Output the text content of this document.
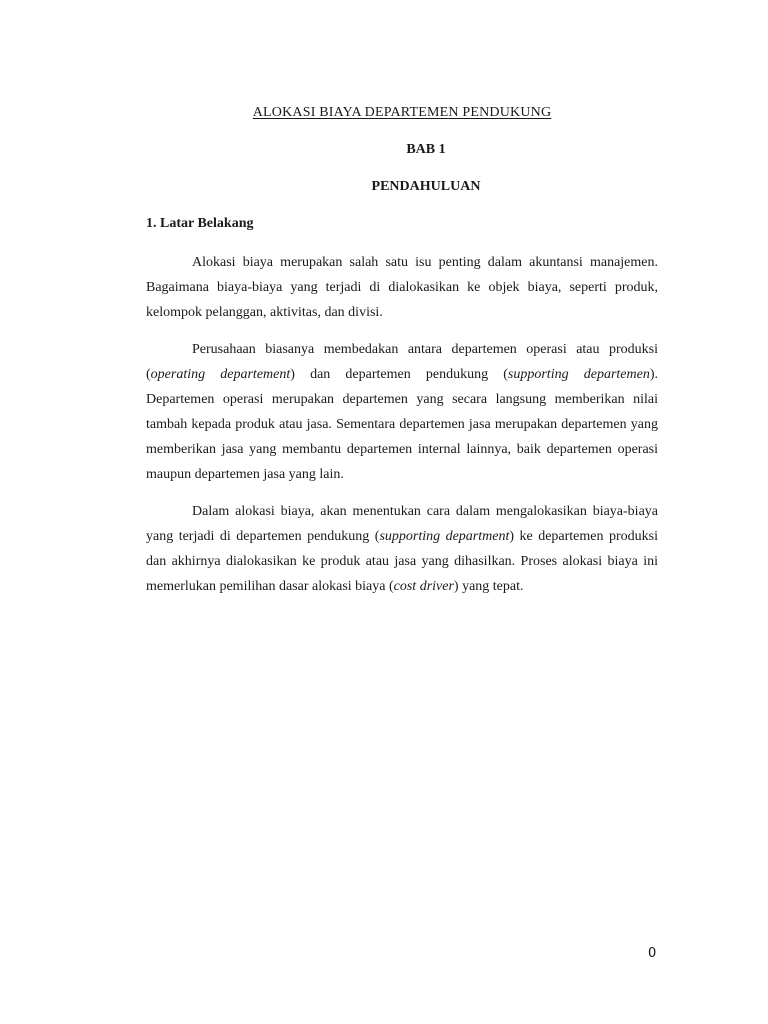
ALOKASI BIAYA DEPARTEMEN PENDUKUNG
BAB 1
PENDAHULUAN
1. Latar Belakang

Alokasi biaya merupakan salah satu isu penting dalam akuntansi manajemen. Bagaimana biaya-biaya yang terjadi di dialokasikan ke objek biaya, seperti produk, kelompok pelanggan, aktivitas, dan divisi.

Perusahaan biasanya membedakan antara departemen operasi atau produksi (operating departement) dan departemen pendukung (supporting departemen). Departemen operasi merupakan departemen yang secara langsung memberikan nilai tambah kepada produk atau jasa. Sementara departemen jasa merupakan departemen yang memberikan jasa yang membantu departemen internal lainnya, baik departemen operasi maupun departemen jasa yang lain.

Dalam alokasi biaya, akan menentukan cara dalam mengalokasikan biaya-biaya yang terjadi di departemen pendukung (supporting department) ke departemen produksi dan akhirnya dialokasikan ke produk atau jasa yang dihasilkan. Proses alokasi biaya ini memerlukan pemilihan dasar alokasi biaya (cost driver) yang tepat.

0
